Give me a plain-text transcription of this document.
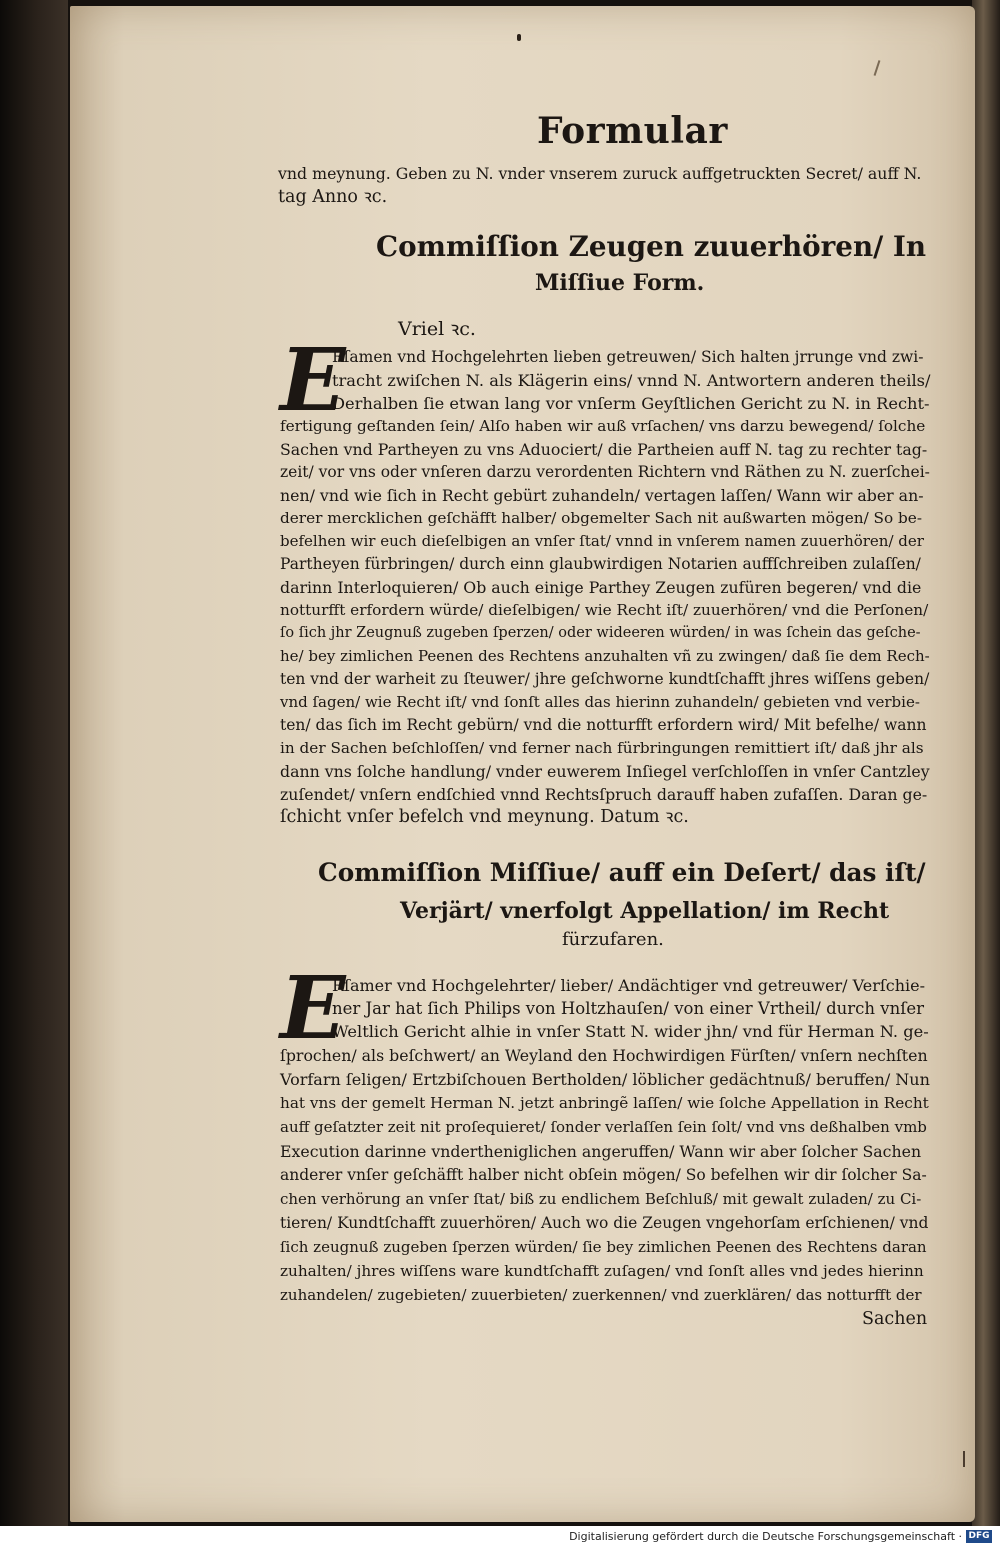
Formular
vnd meynung. Geben zu N. vnder vnserem zuruck auffgetruckten Secret/ auff N.
tag Anno ꝛc.
Commiſſion Zeugen zuuerhören/ In
Miſſiue Form.
Vriel ꝛc.
E
Rſamen vnd Hochgelehrten lieben getreuwen/ Sich halten jrrunge vnd zwi-
tracht zwiſchen N. als Klägerin eins/ vnnd N. Antwortern anderen theils/
Derhalben ſie etwan lang vor vnſerm Geyſtlichen Gericht zu N. in Recht-
fertigung geſtanden ſein/ Alſo haben wir auß vrſachen/ vns darzu bewegend/ ſolche
Sachen vnd Partheyen zu vns Aduociert/ die Partheien auff N. tag zu rechter tag-
zeit/ vor vns oder vnſeren darzu verordenten Richtern vnd Räthen zu N. zuerſchei-
nen/ vnd wie ſich in Recht gebürt zuhandeln/ vertagen laſſen/ Wann wir aber an-
derer mercklichen geſchäfft halber/ obgemelter Sach nit außwarten mögen/ So be-
befelhen wir euch dieſelbigen an vnſer ſtat/ vnnd in vnſerem namen zuuerhören/ der
Partheyen fürbringen/ durch einn glaubwirdigen Notarien auffſchreiben zulaſſen/
darinn Interloquieren/ Ob auch einige Parthey Zeugen zufüren begeren/ vnd die
notturfft erfordern würde/ dieſelbigen/ wie Recht iſt/ zuuerhören/ vnd die Perſonen/
ſo ſich jhr Zeugnuß zugeben ſperzen/ oder wideeren würden/ in was ſchein das geſche-
he/ bey zimlichen Peenen des Rechtens anzuhalten vñ zu zwingen/ daß ſie dem Rech-
ten vnd der warheit zu ſteuwer/ jhre geſchworne kundtſchafft jhres wiſſens geben/
vnd ſagen/ wie Recht iſt/ vnd ſonſt alles das hierinn zuhandeln/ gebieten vnd verbie-
ten/ das ſich im Recht gebürn/ vnd die notturfft erfordern wird/ Mit befelhe/ wann
in der Sachen beſchloſſen/ vnd ferner nach fürbringungen remittiert iſt/ daß jhr als
dann vns ſolche handlung/ vnder euwerem Inſiegel verſchloſſen in vnſer Cantzley
zuſendet/ vnſern endſchied vnnd Rechtsſpruch darauff haben zufaſſen. Daran ge-
ſchicht vnſer befelch vnd meynung. Datum ꝛc.
Commiſſion Miſſiue/ auff ein Deſert/ das iſt/
Verjärt/ vnerfolgt Appellation/ im Recht
fürzufaren.
E
Rſamer vnd Hochgelehrter/ lieber/ Andächtiger vnd getreuwer/ Verſchie-
ner Jar hat ſich Philips von Holtzhauſen/ von einer Vrtheil/ durch vnſer
Weltlich Gericht alhie in vnſer Statt N. wider jhn/ vnd für Herman N. ge-
ſprochen/ als beſchwert/ an Weyland den Hochwirdigen Fürſten/ vnſern nechſten
Vorfarn ſeligen/ Ertzbiſchouen Bertholden/ löblicher gedächtnuß/ beruffen/ Nun
hat vns der gemelt Herman N. jetzt anbringẽ laſſen/ wie ſolche Appellation in Recht
auff geſatzter zeit nit proſequieret/ ſonder verlaſſen ſein ſolt/ vnd vns deßhalben vmb
Execution darinne vndertheniglichen angeruffen/ Wann wir aber ſolcher Sachen
anderer vnſer geſchäfft halber nicht obſein mögen/ So befelhen wir dir ſolcher Sa-
chen verhörung an vnſer ſtat/ biß zu endlichem Beſchluß/ mit gewalt zuladen/ zu Ci-
tieren/ Kundtſchafft zuuerhören/ Auch wo die Zeugen vngehorſam erſchienen/ vnd
ſich zeugnuß zugeben ſperzen würden/ ſie bey zimlichen Peenen des Rechtens daran
zuhalten/ jhres wiſſens ware kundtſchafft zuſagen/ vnd ſonſt alles vnd jedes hierinn
zuhandelen/ zugebieten/ zuuerbieten/ zuerkennen/ vnd zuerklären/ das notturfft der
Sachen
Digitalisierung gefördert durch die Deutsche Forschungsgemeinschaft · DFG
